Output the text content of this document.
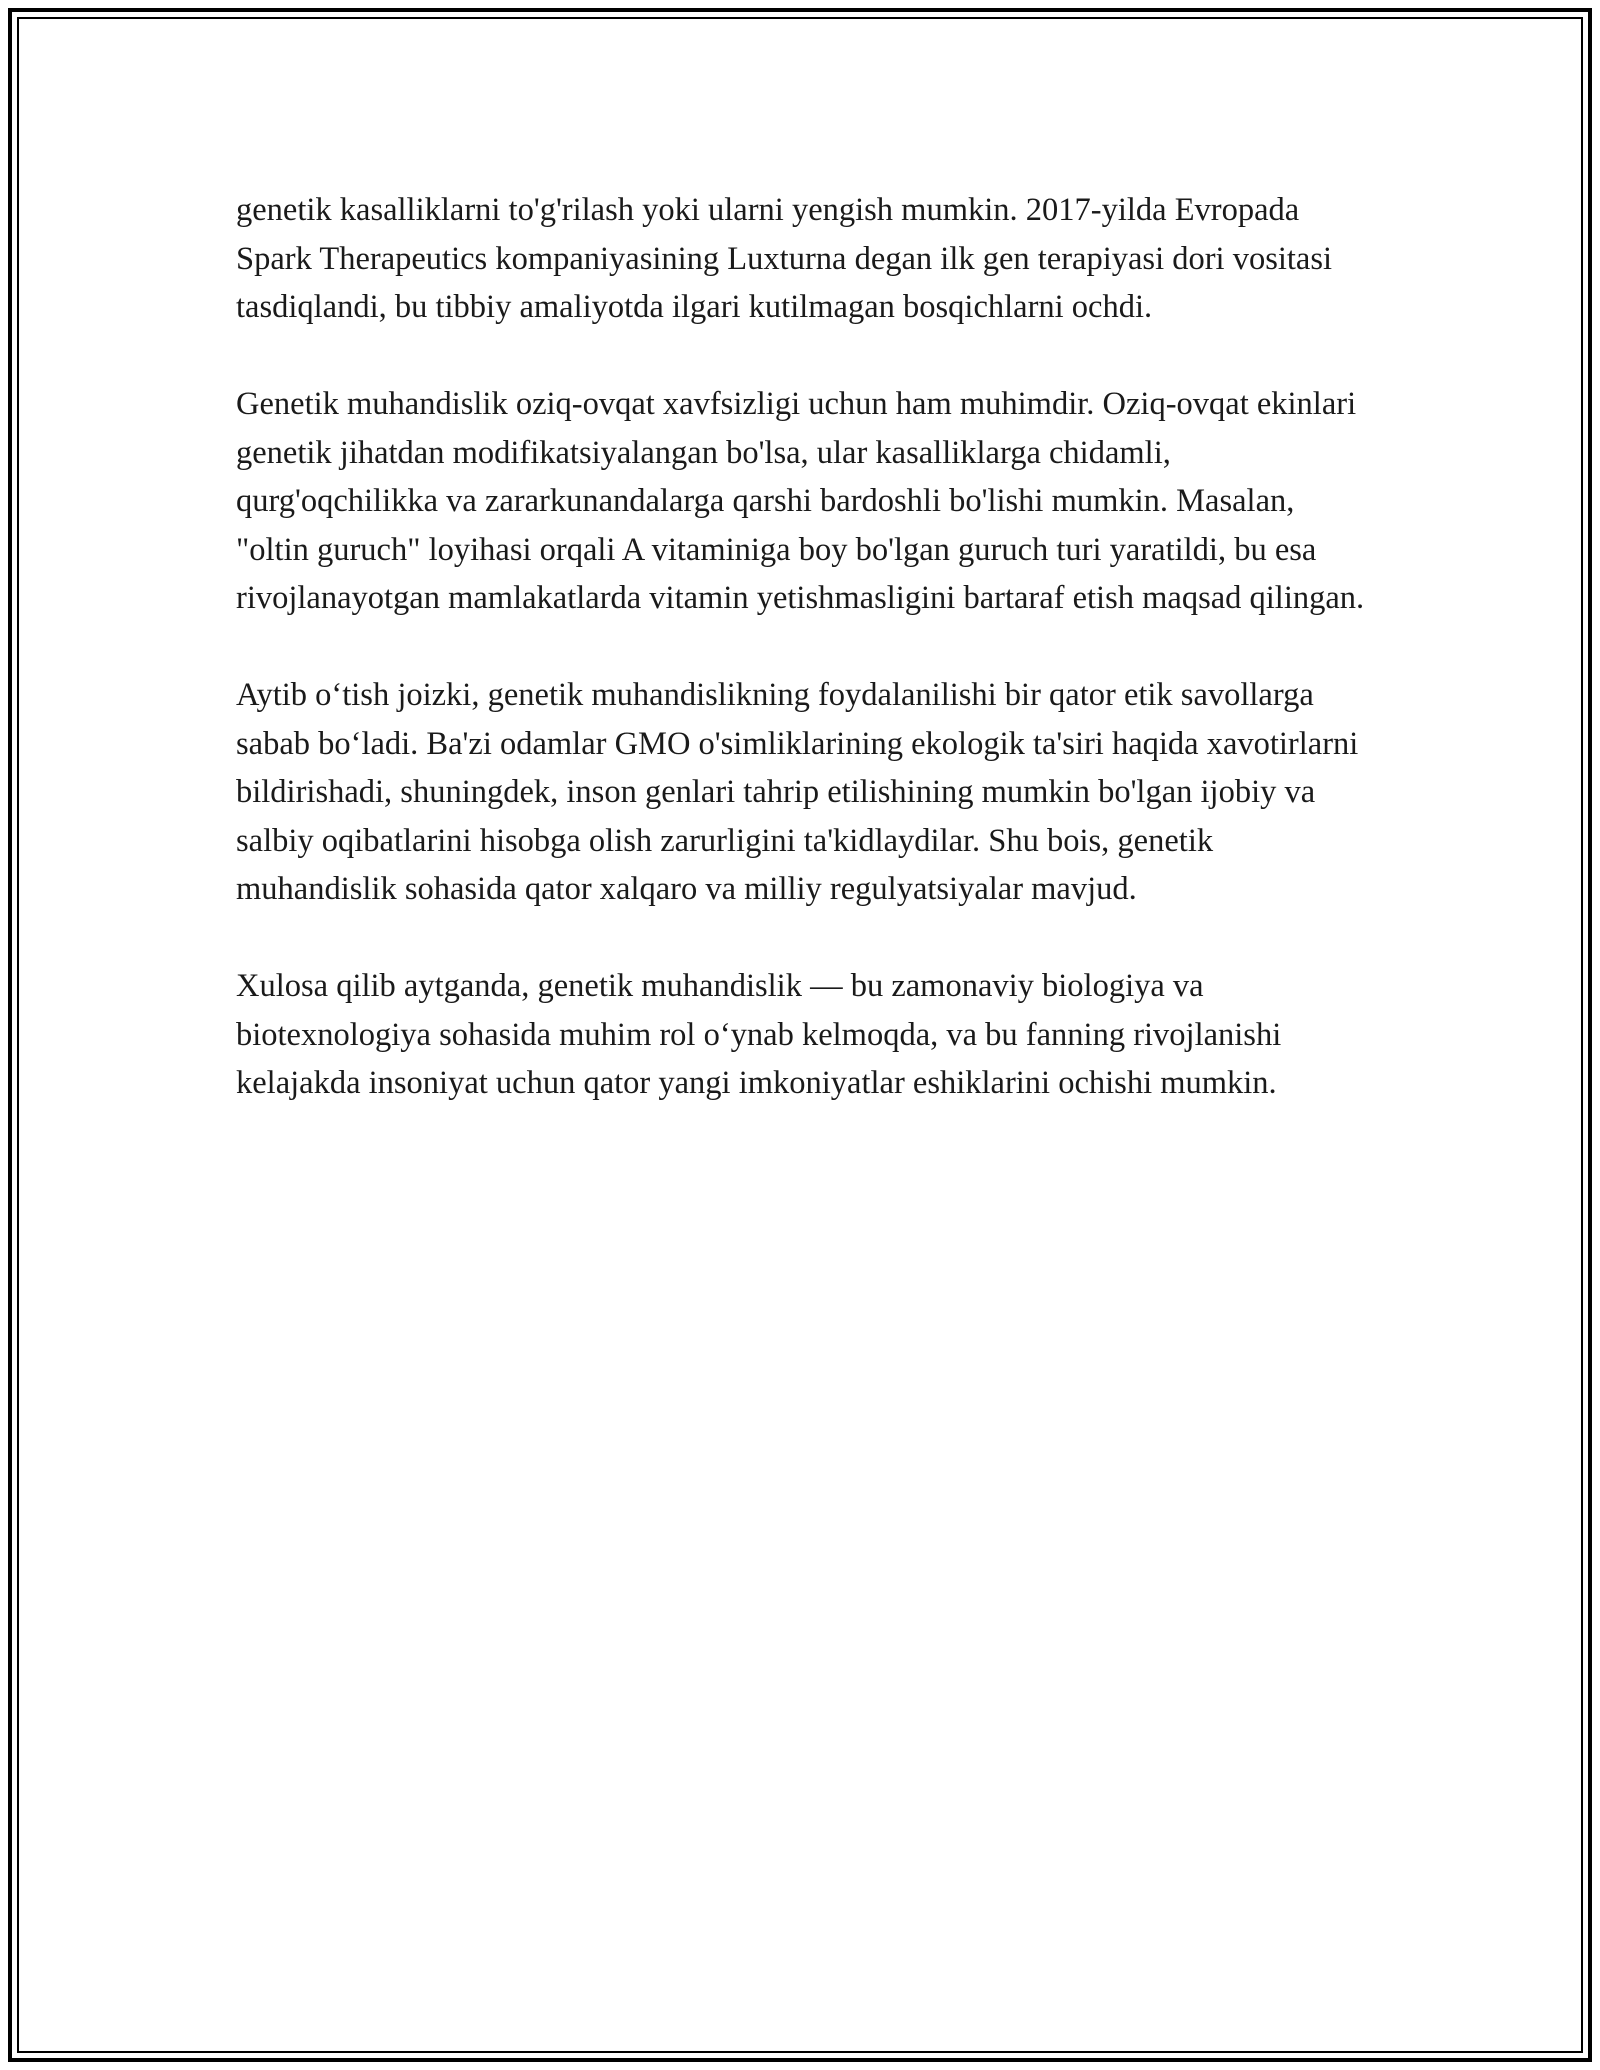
genetik kasalliklarni to'g'rilash yoki ularni yengish mumkin. 2017-yilda Evropada Spark Therapeutics kompaniyasining Luxturna degan ilk gen terapiyasi dori vositasi tasdiqlandi, bu tibbiy amaliyotda ilgari kutilmagan bosqichlarni ochdi.

Genetik muhandislik oziq-ovqat xavfsizligi uchun ham muhimdir. Oziq-ovqat ekinlari genetik jihatdan modifikatsiyalangan bo'lsa, ular kasalliklarga chidamli, qurg'oqchilikka va zararkunandalarga qarshi bardoshli bo'lishi mumkin. Masalan, "oltin guruch" loyihasi orqali A vitaminiga boy bo'lgan guruch turi yaratildi, bu esa rivojlanayotgan mamlakatlarda vitamin yetishmasligini bartaraf etish maqsad qilingan.

Aytib o‘tish joizki, genetik muhandislikning foydalanilishi bir qator etik savollarga sabab bo‘ladi. Ba'zi odamlar GMO o'simliklarining ekologik ta'siri haqida xavotirlarni bildirishadi, shuningdek, inson genlari tahrip etilishining mumkin bo'lgan ijobiy va salbiy oqibatlarini hisobga olish zarurligini ta'kidlaydilar. Shu bois, genetik muhandislik sohasida qator xalqaro va milliy regulyatsiyalar mavjud.

Xulosa qilib aytganda, genetik muhandislik — bu zamonaviy biologiya va biotexnologiya sohasida muhim rol o‘ynab kelmoqda, va bu fanning rivojlanishi kelajakda insoniyat uchun qator yangi imkoniyatlar eshiklarini ochishi mumkin.
